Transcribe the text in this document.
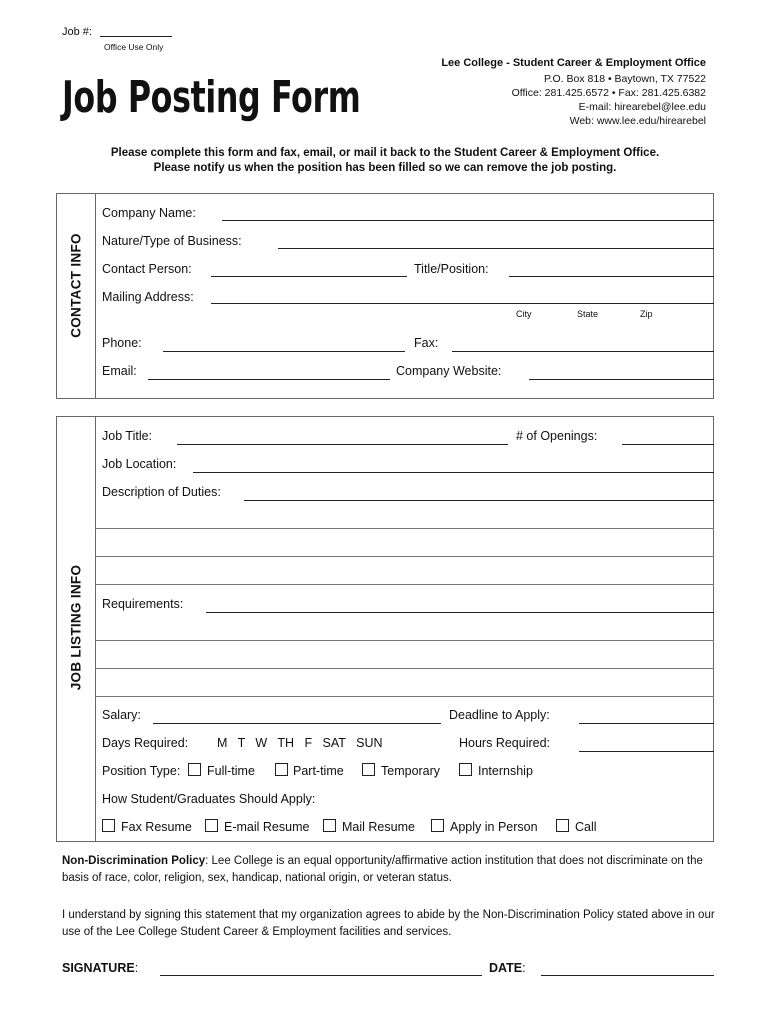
Job #:
Office Use Only
Job Posting Form
Lee College - Student Career & Employment Office
P.O. Box 818 • Baytown, TX 77522
Office: 281.425.6572 • Fax: 281.425.6382
E-mail: hirearebel@lee.edu
Web: www.lee.edu/hirearebel
Please complete this form and fax, email, or mail it back to the Student Career & Employment Office.
Please notify us when the position has been filled so we can remove the job posting.
CONTACT INFO
Company Name:
Nature/Type of Business:
Contact Person:	Title/Position:
Mailing Address:
City	State	Zip
Phone:	Fax:
Email:	Company Website:
JOB LISTING INFO
Job Title:	# of Openings:
Job Location:
Description of Duties:
Requirements:
Salary:	Deadline to Apply:
Days Required: M   T   W   TH   F   SAT   SUN	Hours Required:
Position Type: Full-time	Part-time	Temporary	Internship
How Student/Graduates Should Apply:
Fax Resume	E-mail Resume	Mail Resume	Apply in Person	Call
Non-Discrimination Policy: Lee College is an equal opportunity/affirmative action institution that does not discriminate on the basis of race, color, religion, sex, handicap, national origin, or veteran status.
I understand by signing this statement that my organization agrees to abide by the Non-Discrimination Policy stated above in our use of the Lee College Student Career & Employment facilities and services.
SIGNATURE:	DATE:
